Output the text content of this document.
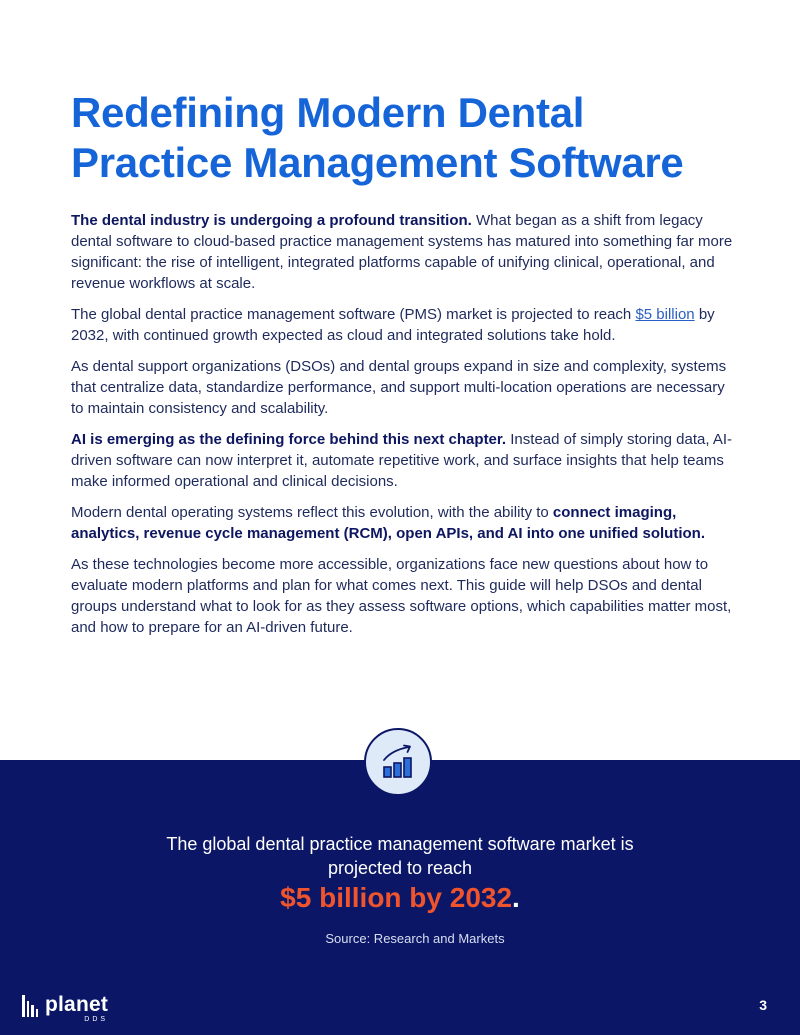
Redefining Modern Dental Practice Management Software

The dental industry is undergoing a profound transition. What began as a shift from legacy dental software to cloud-based practice management systems has matured into something far more significant: the rise of intelligent, integrated platforms capable of unifying clinical, operational, and revenue workflows at scale.

The global dental practice management software (PMS) market is projected to reach $5 billion by 2032, with continued growth expected as cloud and integrated solutions take hold.

As dental support organizations (DSOs) and dental groups expand in size and complexity, systems that centralize data, standardize performance, and support multi-location operations are necessary to maintain consistency and scalability.

AI is emerging as the defining force behind this next chapter. Instead of simply storing data, AI-driven software can now interpret it, automate repetitive work, and surface insights that help teams make informed operational and clinical decisions.

Modern dental operating systems reflect this evolution, with the ability to connect imaging, analytics, revenue cycle management (RCM), open APIs, and AI into one unified solution.

As these technologies become more accessible, organizations face new questions about how to evaluate modern platforms and plan for what comes next. This guide will help DSOs and dental groups understand what to look for as they assess software options, which capabilities matter most, and how to prepare for an AI-driven future.

The global dental practice management software market is projected to reach
$5 billion by 2032.
Source: Research and Markets
planet
DDS
3
